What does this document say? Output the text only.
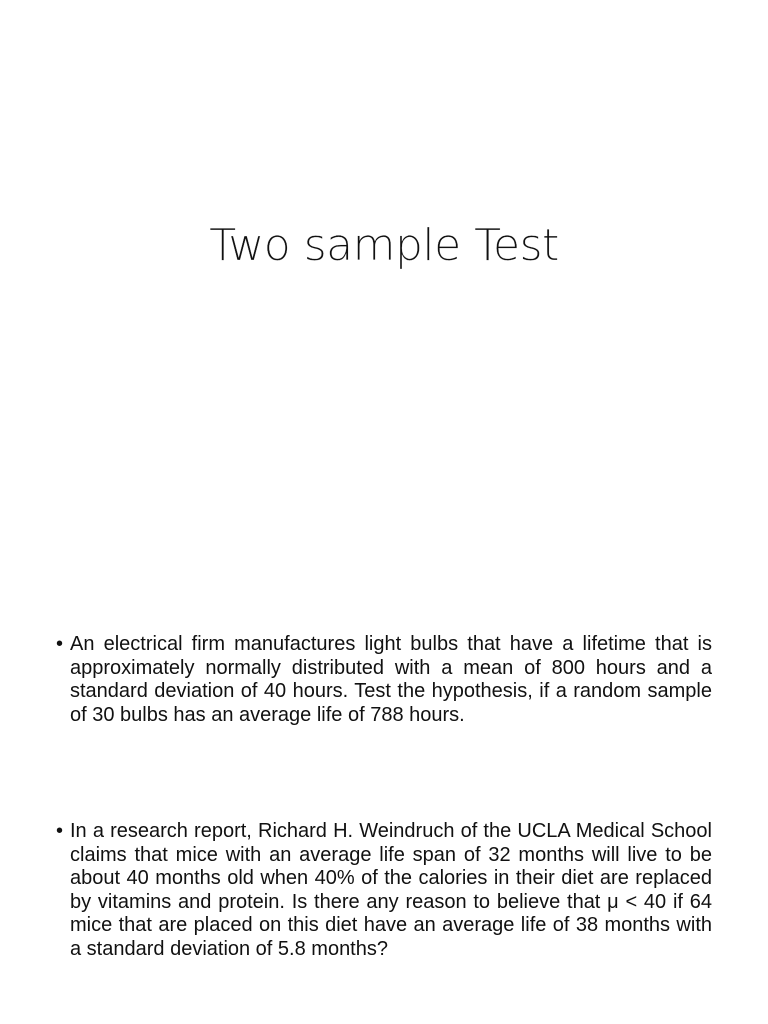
Two sample Test
• An electrical firm manufactures light bulbs that have a lifetime that is approximately normally distributed with a mean of 800 hours and a standard deviation of 40 hours. Test the hypothesis, if a random sample of 30 bulbs has an average life of 788 hours.
• In a research report, Richard H. Weindruch of the UCLA Medical School claims that mice with an average life span of 32 months will live to be about 40 months old when 40% of the calories in their diet are replaced by vitamins and protein. Is there any reason to believe that μ < 40 if 64 mice that are placed on this diet have an average life of 38 months with a standard deviation of 5.8 months?
